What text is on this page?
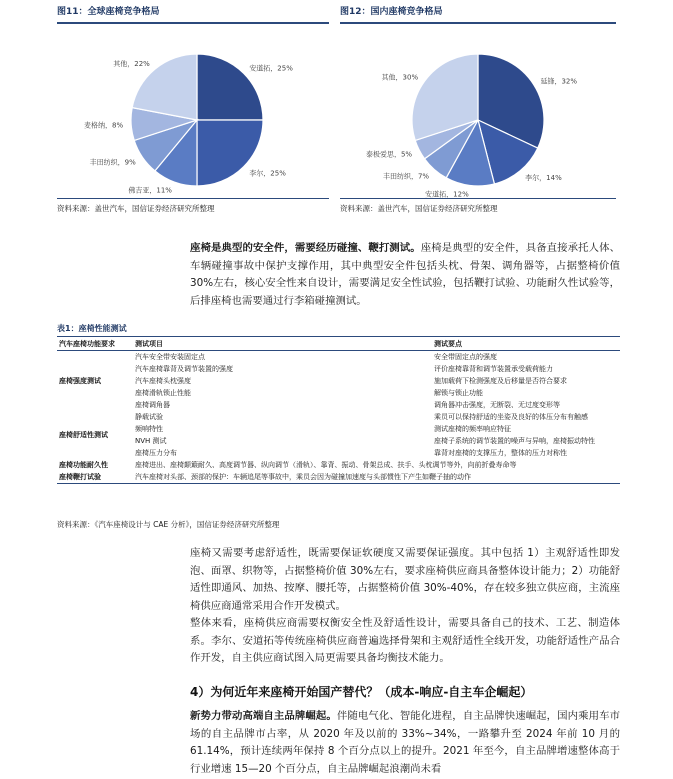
图11：全球座椅竞争格局
安道拓，25%
李尔，25%
佛吉亚，11%
丰田纺织，9%
麦格纳，8%
其他，22%
资料来源：盖世汽车，国信证券经济研究所整理
图12：国内座椅竞争格局
延锋，32%
李尔，14%
安道拓，12%
丰田纺织，7%
泰极爱思，5%
其他，30%
资料来源：盖世汽车，国信证券经济研究所整理

座椅是典型的安全件，需要经历碰撞、鞭打测试。座椅是典型的安全件，具备直接承托人体、车辆碰撞事故中保护支撑作用，其中典型安全件包括头枕、骨架、调角器等，占据整椅价值 30%左右，核心安全性来自设计，需要满足安全性试验，包括鞭打试验、功能耐久性试验等，后排座椅也需要通过行李箱碰撞测试。

表1：座椅性能测试
汽车座椅功能要求	测试项目	测试要点
座椅强度测试	汽车安全带安装固定点	安全带固定点的强度
	汽车座椅靠背及调节装置的强度	评价座椅靠背和调节装置承受载荷能力
	汽车座椅头枕强度	施加载荷下检测强度及后移量是否符合要求
	座椅滑轨锁止性能	解锁与锁止功能
	座椅调角器	调角器冲击强度，无断裂、无过度变形等
座椅舒适性测试	静载试验	乘员可以保持舒适的坐姿及良好的体压分布有触感
	频响特性	测试座椅的频率响应特征
	NVH 测试	座椅子系统的调节装置的噪声与异响，座椅振动特性
	座椅压力分布	靠背对座椅的支撑压力，整体的压力对称性
座椅功能耐久性	座椅进出、座椅颠簸耐久、高度调节器、纵向调节（滑轨）、靠背、振动、骨架总成、扶手、头枕调节等外，向前折叠寿命等	
座椅鞭打试验	汽车座椅对头部、颈部的保护：车辆追尾等事故中，乘员会因为碰撞加速度与头部惯性下产生如鞭子抽的动作	
资料来源：《汽车座椅设计与 CAE 分析》，国信证券经济研究所整理

座椅又需要考虑舒适性，既需要保证软硬度又需要保证强度。其中包括 1）主观舒适性即发泡、面罩、织物等，占据整椅价值 30%左右，要求座椅供应商具备整体设计能力；2）功能舒适性即通风、加热、按摩、腰托等，占据整椅价值 30%-40%，存在较多独立供应商，主流座椅供应商通常采用合作开发模式。

整体来看，座椅供应商需要权衡安全性及舒适性设计，需要具备自己的技术、工艺、制造体系。李尔、安道拓等传统座椅供应商普遍选择骨架和主观舒适性全线开发，功能舒适性产品合作开发，自主供应商试图入局更需要具备均衡技术能力。

4）为何近年来座椅开始国产替代？（成本-响应-自主车企崛起）

新势力带动高端自主品牌崛起。伴随电气化、智能化进程，自主品牌快速崛起，国内乘用车市场的自主品牌市占率，从 2020 年及以前的 33%~34%，一路攀升至 2024 年前 10 月的 61.14%，预计连续两年保持 8 个百分点以上的提升。2021 年至今，自主品牌增速整体高于行业增速 15—20 个百分点，自主品牌崛起浪潮尚未看
